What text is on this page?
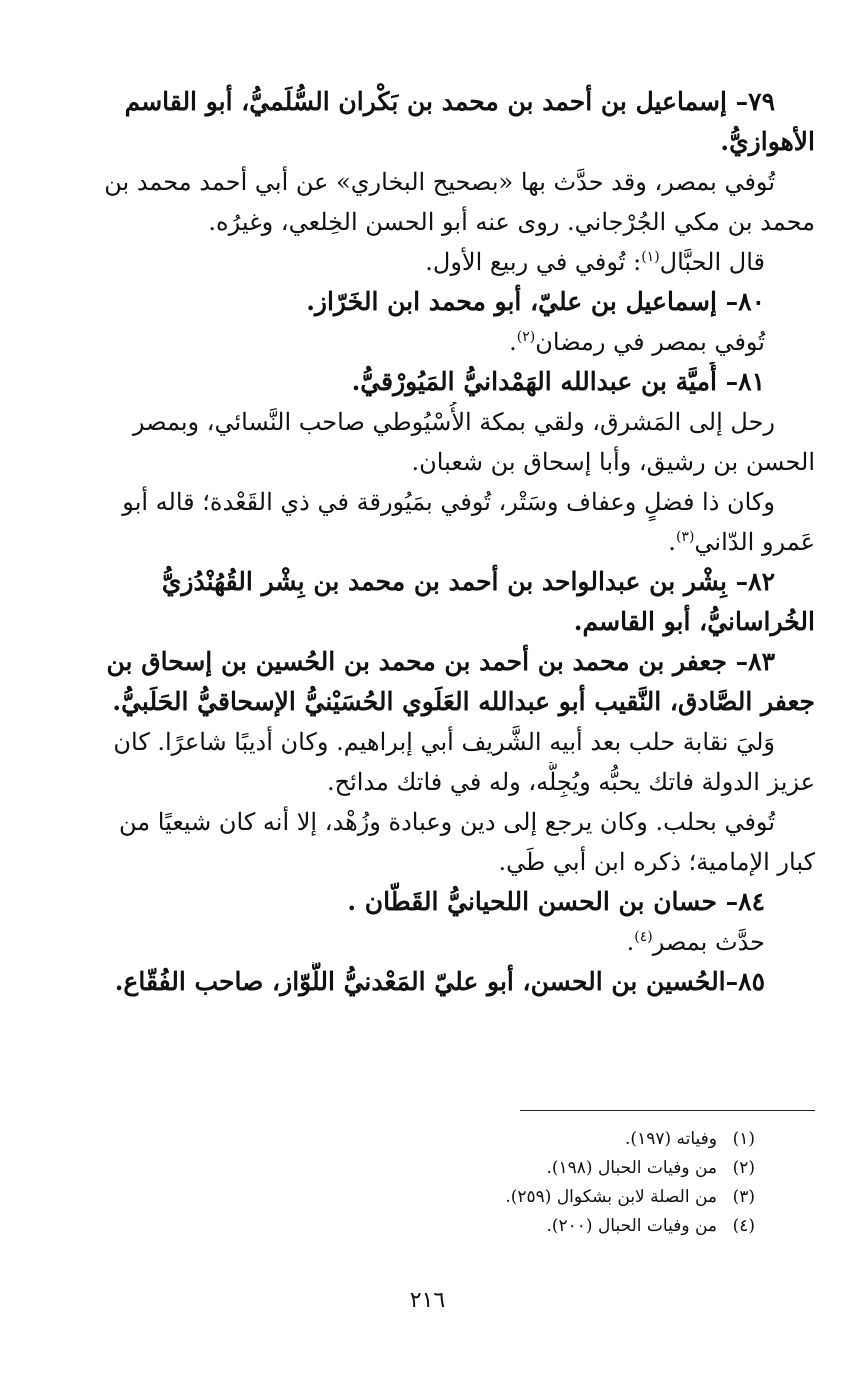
٧٩– إسماعيل بن أحمد بن محمد بن بَكْران السُّلَميُّ، أبو القاسم
الأهوازيُّ.
تُوفي بمصر، وقد حدَّث بها «بصحيح البخاري» عن أبي أحمد محمد بن
محمد بن مكي الجُرْجاني. روى عنه أبو الحسن الخِلعي، وغيرُه.
قال الحبَّال$^{(١)}$: تُوفي في ربيع الأول.
٨٠– إسماعيل بن عليّ، أبو محمد ابن الخَرّاز.
تُوفي بمصر في رمضان$^{(٢)}$.
٨١– أُميَّة بن عبدالله الهَمْدانيُّ المَيُورْقيُّ.
رحل إلى المَشرق، ولقي بمكة الأُسْيُوطي صاحب النَّسائي، وبمصر
الحسن بن رشيق، وأبا إسحاق بن شعبان.
وكان ذا فضلٍ وعفاف وسَتْر، تُوفي بمَيُورقة في ذي القَعْدة؛ قاله أبو
عَمرو الدّاني$^{(٣)}$.
٨٢– بِشْر بن عبدالواحد بن أحمد بن محمد بن بِشْر القُهُنْدُزيُّ
الخُراسانيُّ، أبو القاسم.
٨٣– جعفر بن محمد بن أحمد بن محمد بن الحُسين بن إسحاق بن
جعفر الصَّادق، النَّقيب أبو عبدالله العَلَوي الحُسَيْنيُّ الإسحاقيُّ الحَلَبيُّ.
وَليَ نقابة حلب بعد أبيه الشَّريف أبي إبراهيم. وكان أديبًا شاعرًا. كان
عزيز الدولة فاتك يحبُّه ويُجِلُّه، وله في فاتك مدائح.
تُوفي بحلب. وكان يرجع إلى دين وعبادة وزُهْد، إلا أنه كان شيعيًا من
كبار الإمامية؛ ذكره ابن أبي طَي.
٨٤– حسان بن الحسن اللحيانيُّ القَطّان .
حدَّث بمصر$^{(٤)}$.
٨٥–الحُسين بن الحسن، أبو عليّ المَعْدنيُّ اللَّوّاز، صاحب الفُقّاع.
(١)وفياته (١٩٧).
(٢)من وفيات الحبال (١٩٨).
(٣)من الصلة لابن بشكوال (٢٥٩).
(٤)من وفيات الحبال (٢٠٠).
٢١٦
